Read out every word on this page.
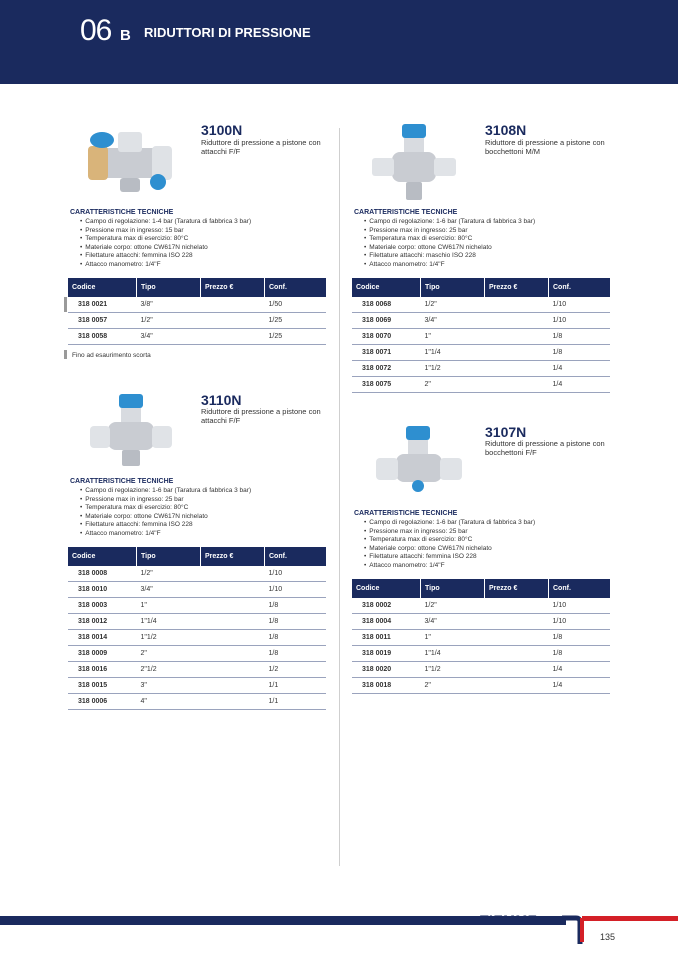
06 B RIDUTTORI DI PRESSIONE
3100N
Riduttore di pressione a pistone con attacchi F/F
CARATTERISTICHE TECNICHE
• Campo di regolazione: 1-4 bar (Taratura di fabbrica 3 bar)
• Pressione max in ingresso: 15 bar
• Temperatura max di esercizio: 80°C
• Materiale corpo: ottone CW617N nichelato
• Filettature attacchi: femmina ISO 228
• Attacco manometro: 1/4"F
Codice	Tipo	Prezzo €	Conf.
318 0021	3/8"		1/50
318 0057	1/2"		1/25
318 0058	3/4"		1/25
Fino ad esaurimento scorta
3108N
Riduttore di pressione a pistone con bocchettoni M/M
CARATTERISTICHE TECNICHE
• Campo di regolazione: 1-6 bar (Taratura di fabbrica 3 bar)
• Pressione max in ingresso: 25 bar
• Temperatura max di esercizio: 80°C
• Materiale corpo: ottone CW617N nichelato
• Filettature attacchi: maschio ISO 228
• Attacco manometro: 1/4"F
Codice	Tipo	Prezzo €	Conf.
318 0068	1/2"		1/10
318 0069	3/4"		1/10
318 0070	1"		1/8
318 0071	1"1/4		1/8
318 0072	1"1/2		1/4
318 0075	2"		1/4
3110N
Riduttore di pressione a pistone con attacchi F/F
CARATTERISTICHE TECNICHE
• Campo di regolazione: 1-6 bar (Taratura di fabbrica 3 bar)
• Pressione max in ingresso: 25 bar
• Temperatura max di esercizio: 80°C
• Materiale corpo: ottone CW617N nichelato
• Filettature attacchi: femmina ISO 228
• Attacco manometro: 1/4"F
Codice	Tipo	Prezzo €	Conf.
318 0008	1/2"		1/10
318 0010	3/4"		1/10
318 0003	1"		1/8
318 0012	1"1/4		1/8
318 0014	1"1/2		1/8
318 0009	2"		1/8
318 0016	2"1/2		1/2
318 0015	3"		1/1
318 0006	4"		1/1
3107N
Riduttore di pressione a pistone con bocchettoni F/F
CARATTERISTICHE TECNICHE
• Campo di regolazione: 1-6 bar (Taratura di fabbrica 3 bar)
• Pressione max in ingresso: 25 bar
• Temperatura max di esercizio: 80°C
• Materiale corpo: ottone CW617N nichelato
• Filettature attacchi: femmina ISO 228
• Attacco manometro: 1/4"F
Codice	Tipo	Prezzo €	Conf.
318 0002	1/2"		1/10
318 0004	3/4"		1/10
318 0011	1"		1/8
318 0019	1"1/4		1/8
318 0020	1"1/2		1/4
318 0018	2"		1/4
TIEMME
135
